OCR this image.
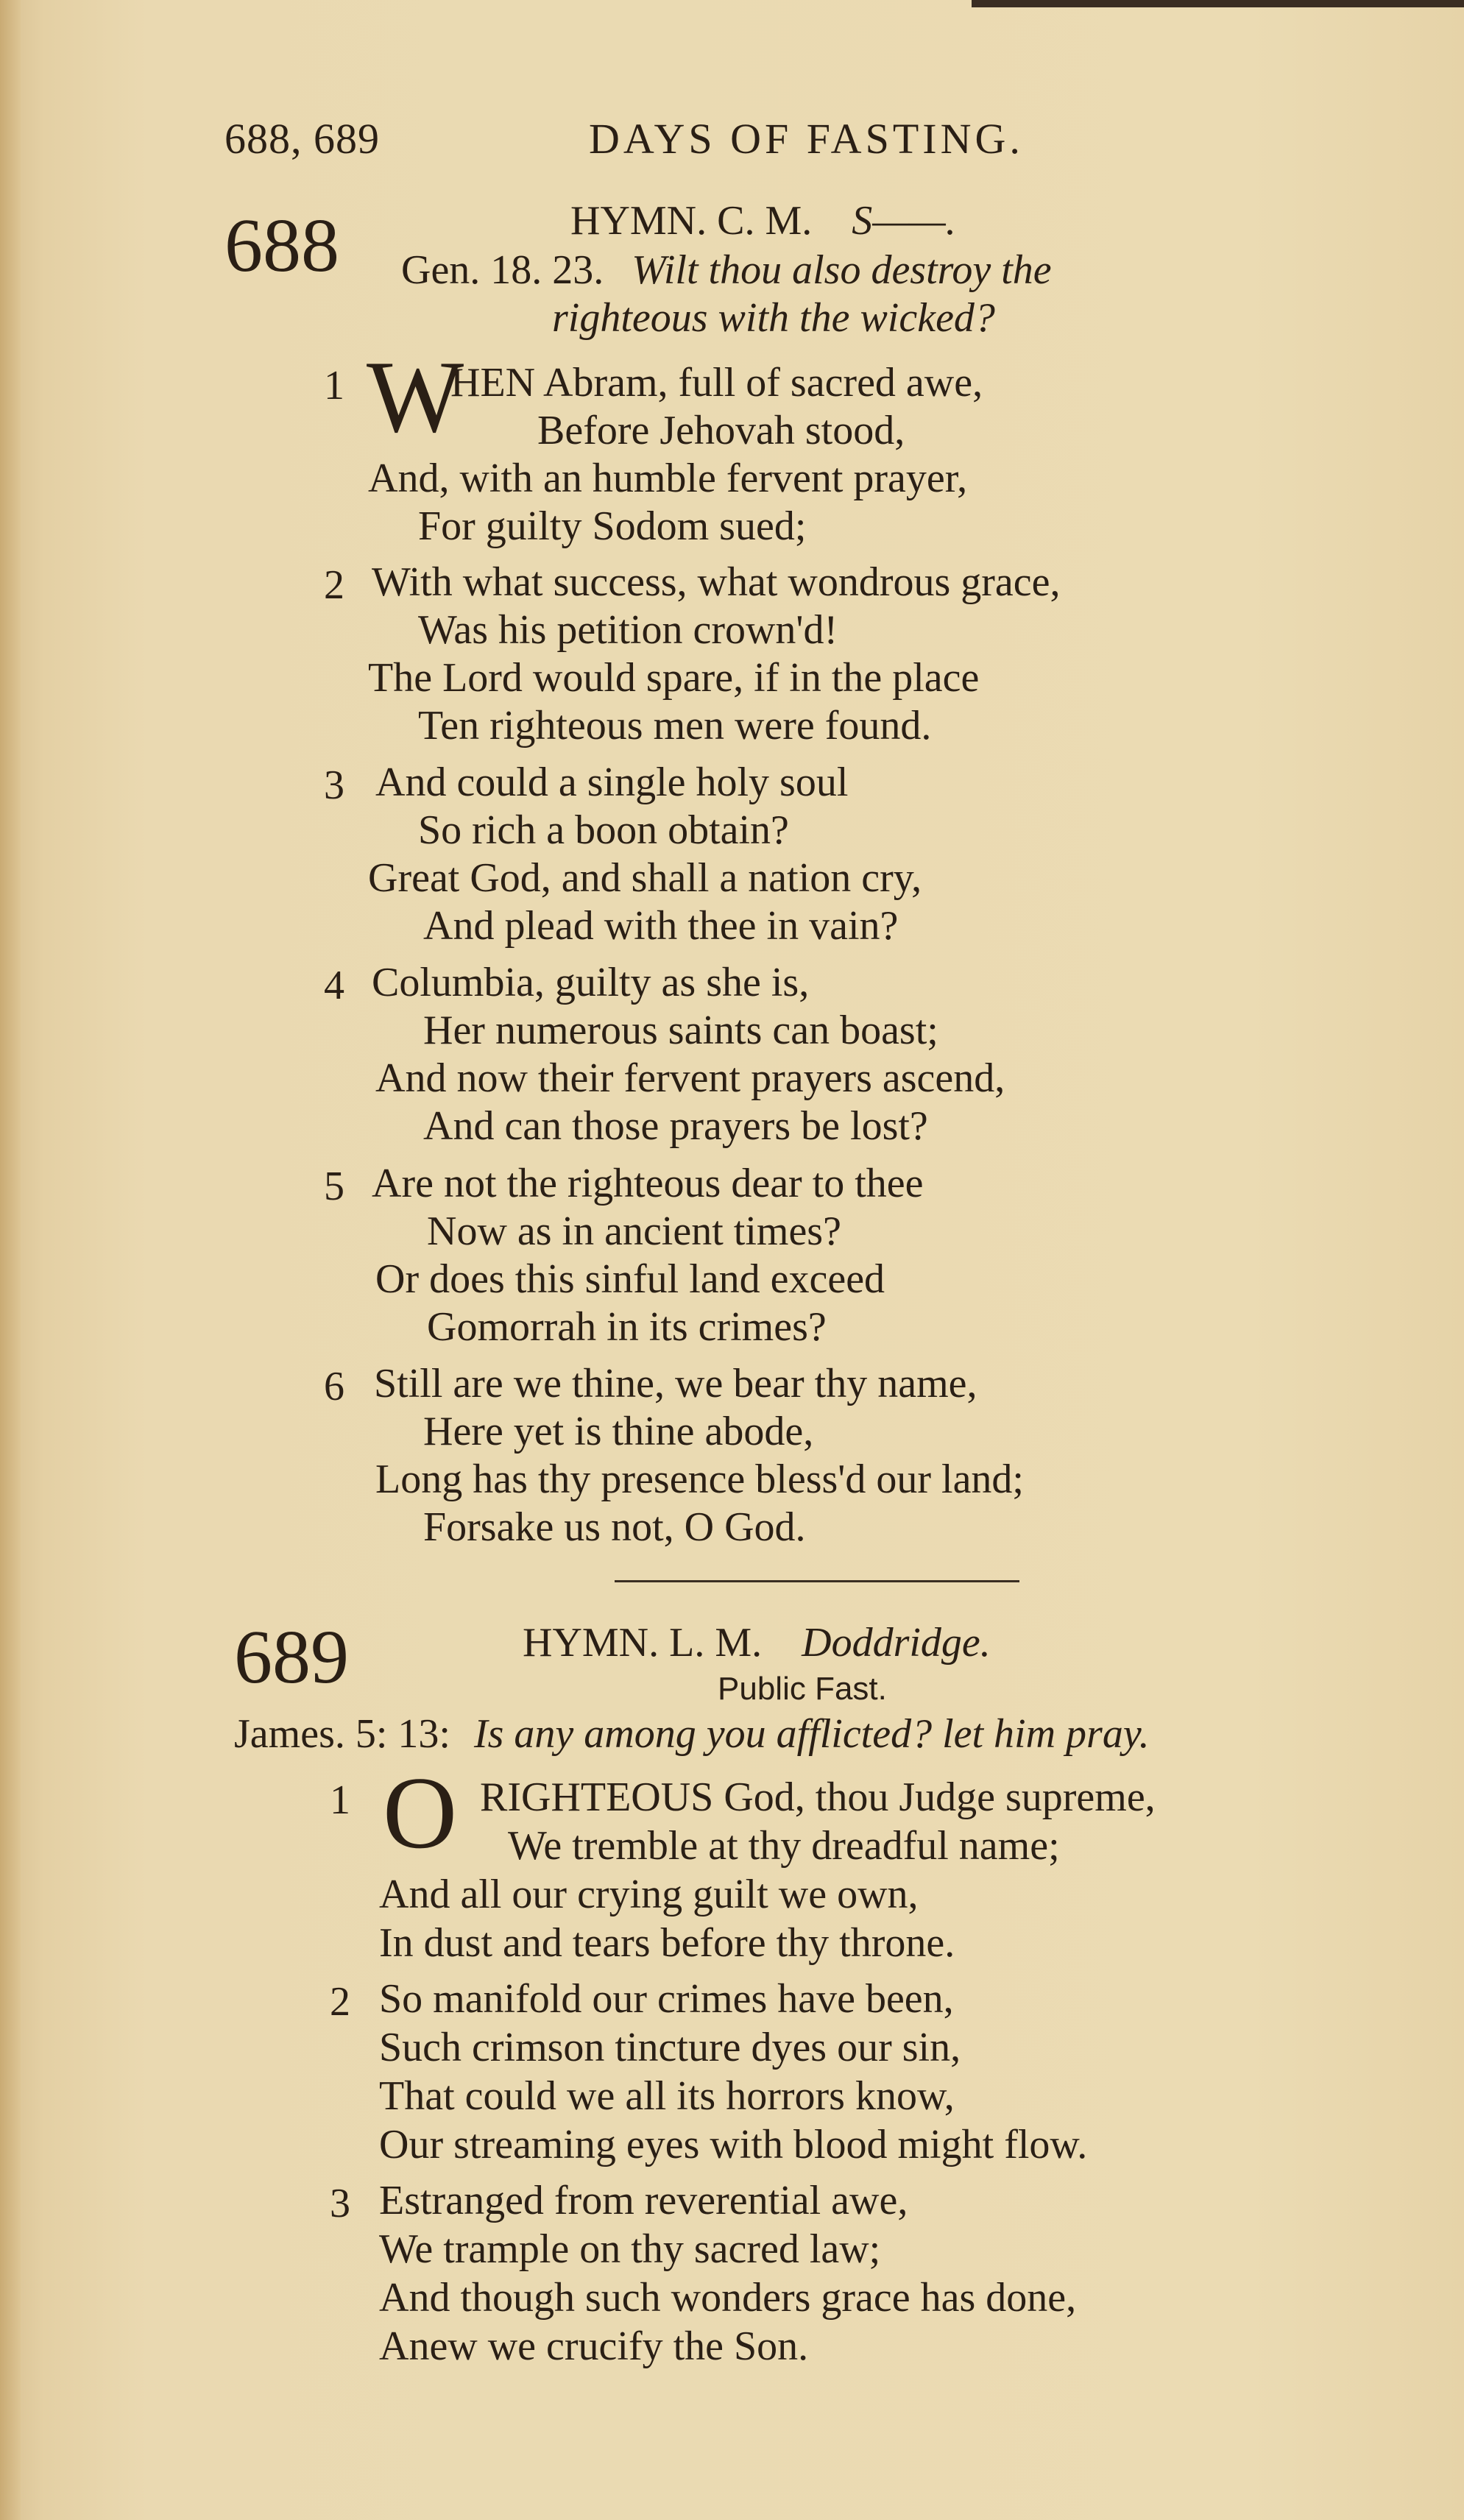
688, 689	DAYS OF FASTING.
688	HYMN. C. M. S——.
Gen. 18. 23. Wilt thou also destroy the
righteous with the wicked?
1 W
HEN Abram, full of sacred awe,
Before Jehovah stood,
And, with an humble fervent prayer,
For guilty Sodom sued;
2 With what success, what wondrous grace,
Was his petition crown'd!
The Lord would spare, if in the place
Ten righteous men were found.
3 And could a single holy soul
So rich a boon obtain?
Great God, and shall a nation cry,
And plead with thee in vain?
4 Columbia, guilty as she is,
Her numerous saints can boast;
And now their fervent prayers ascend,
And can those prayers be lost?
5 Are not the righteous dear to thee
Now as in ancient times?
Or does this sinful land exceed
Gomorrah in its crimes?
6 Still are we thine, we bear thy name,
Here yet is thine abode,
Long has thy presence bless'd our land;
Forsake us not, O God.
689	HYMN. L. M. Doddridge.
Public Fast.
James. 5: 13: Is any among you afflicted? let him pray.
1 O RIGHTEOUS God, thou Judge supreme,
We tremble at thy dreadful name;
And all our crying guilt we own,
In dust and tears before thy throne.
2 So manifold our crimes have been,
Such crimson tincture dyes our sin,
That could we all its horrors know,
Our streaming eyes with blood might flow.
3 Estranged from reverential awe,
We trample on thy sacred law;
And though such wonders grace has done,
Anew we crucify the Son.
